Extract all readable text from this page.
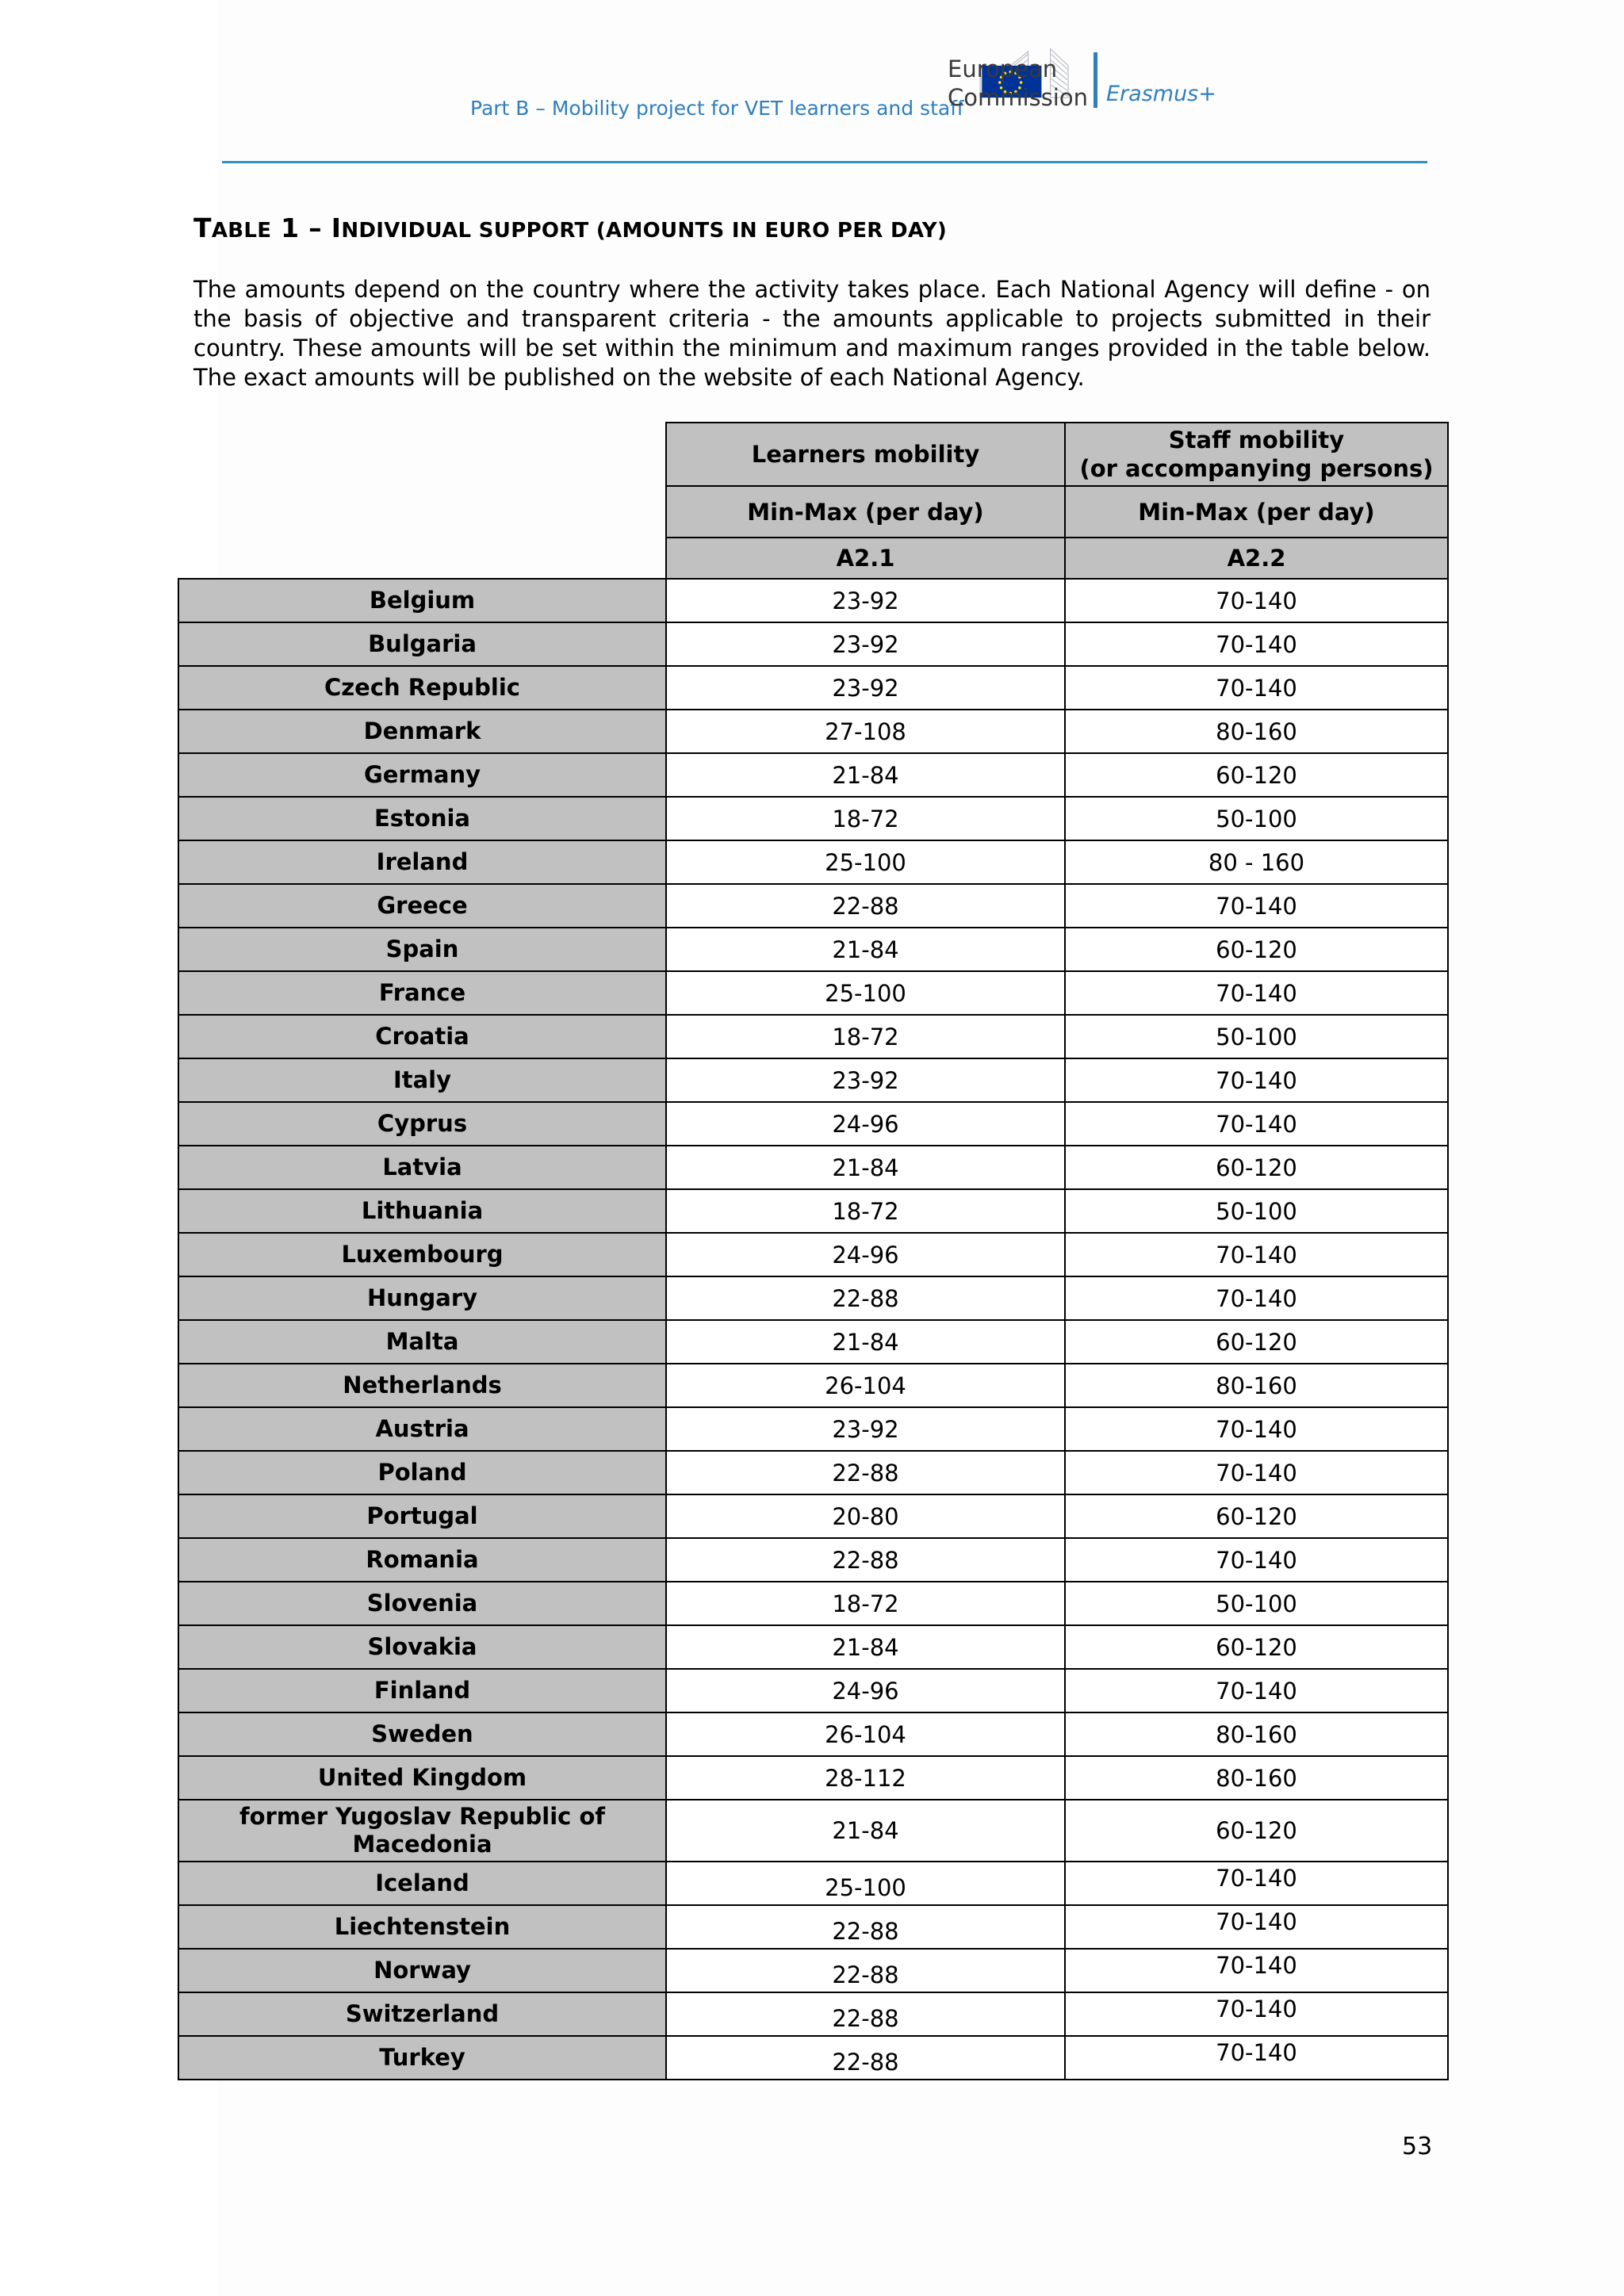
Part B – Mobility project for VET learners and staff
European
Commission Erasmus+
TABLE 1 – INDIVIDUAL SUPPORT (AMOUNTS IN EURO PER DAY)

The amounts depend on the country where the activity takes place. Each National Agency will define - on the basis of objective and transparent criteria - the amounts applicable to projects submitted in their country. These amounts will be set within the minimum and maximum ranges provided in the table below. The exact amounts will be published on the website of each National Agency.

	Learners mobility	Staff mobility
(or accompanying persons)

	Min-Max (per day)	Min-Max (per day)
	A2.1	A2.2
Belgium	23-92	70-140
Bulgaria	23-92	70-140
Czech Republic	23-92	70-140
Denmark	27-108	80-160
Germany	21-84	60-120
Estonia	18-72	50-100
Ireland	25-100	80 - 160
Greece	22-88	70-140
Spain	21-84	60-120
France	25-100	70-140
Croatia	18-72	50-100
Italy	23-92	70-140
Cyprus	24-96	70-140
Latvia	21-84	60-120
Lithuania	18-72	50-100
Luxembourg	24-96	70-140
Hungary	22-88	70-140
Malta	21-84	60-120
Netherlands	26-104	80-160
Austria	23-92	70-140
Poland	22-88	70-140
Portugal	20-80	60-120
Romania	22-88	70-140
Slovenia	18-72	50-100
Slovakia	21-84	60-120
Finland	24-96	70-140
Sweden	26-104	80-160
United Kingdom	28-112	80-160
former Yugoslav Republic of Macedonia	21-84	60-120
Iceland	25-100	70-140
Liechtenstein	22-88	70-140
Norway	22-88	70-140
Switzerland	22-88	70-140
Turkey	22-88	70-140
53
